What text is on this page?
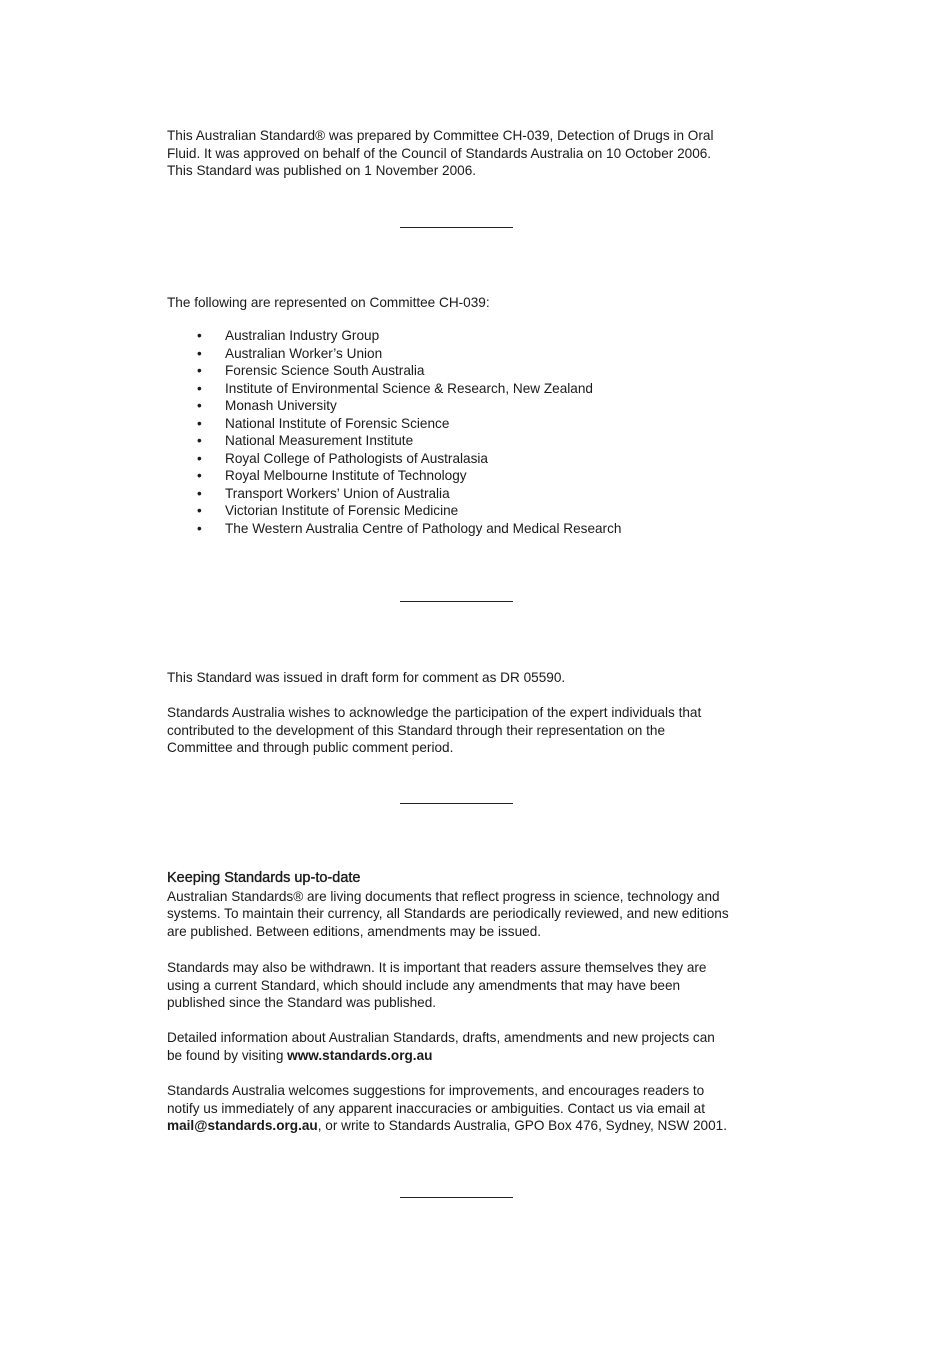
This Australian Standard® was prepared by Committee CH-039, Detection of Drugs in Oral

Fluid. It was approved on behalf of the Council of Standards Australia on 10 October 2006.

This Standard was published on 1 November 2006.

The following are represented on Committee CH-039:

• Australian Industry Group
• Australian Worker’s Union
• Forensic Science South Australia
• Institute of Environmental Science & Research, New Zealand
• Monash University
• National Institute of Forensic Science
• National Measurement Institute
• Royal College of Pathologists of Australasia
• Royal Melbourne Institute of Technology
• Transport Workers’ Union of Australia
• Victorian Institute of Forensic Medicine
• The Western Australia Centre of Pathology and Medical Research

This Standard was issued in draft form for comment as DR 05590.

Standards Australia wishes to acknowledge the participation of the expert individuals that

contributed to the development of this Standard through their representation on the

Committee and through public comment period.

Keeping Standards up-to-date

Australian Standards® are living documents that reflect progress in science, technology and

systems. To maintain their currency, all Standards are periodically reviewed, and new editions

are published. Between editions, amendments may be issued.

Standards may also be withdrawn. It is important that readers assure themselves they are

using a current Standard, which should include any amendments that may have been

published since the Standard was published.

Detailed information about Australian Standards, drafts, amendments and new projects can

be found by visiting www.standards.org.au

Standards Australia welcomes suggestions for improvements, and encourages readers to

notify us immediately of any apparent inaccuracies or ambiguities. Contact us via email at

mail@standards.org.au, or write to Standards Australia, GPO Box 476, Sydney, NSW 2001.
